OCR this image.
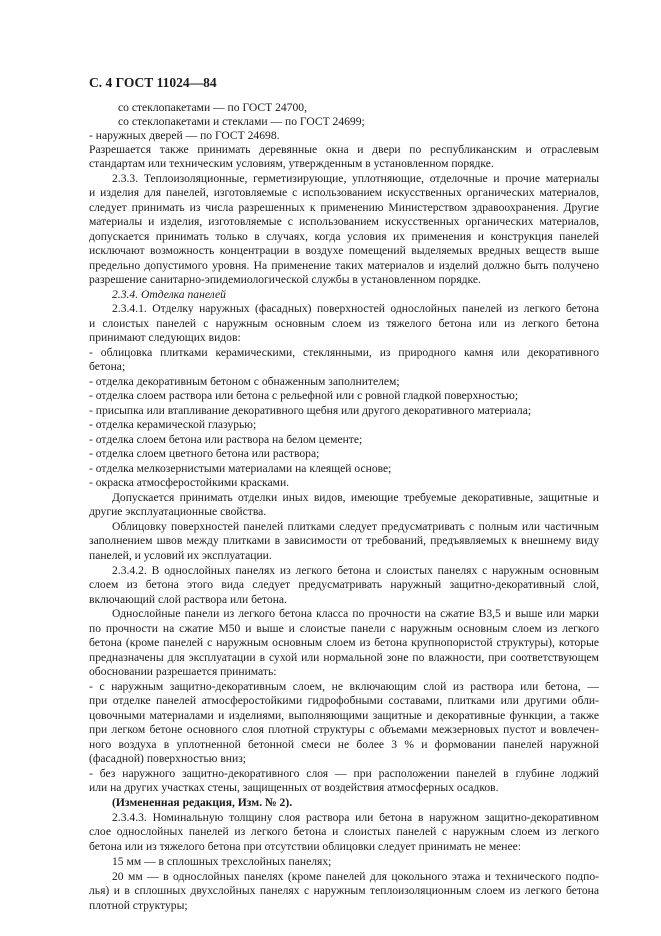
С. 4 ГОСТ 11024—84
со стеклопакетами — по ГОСТ 24700,
со стеклопакетами и стеклами — по ГОСТ 24699;
- наружных дверей — по ГОСТ 24698.
Разрешается также принимать деревянные окна и двери по республиканским и отраслевым
стандартам или техническим условиям, утвержденным в установленном порядке.
2.3.3. Теплоизоляционные, герметизирующие, уплотняющие, отделочные и прочие материалы
и изделия для панелей, изготовляемые с использованием искусственных органических материалов,
следует принимать из числа разрешенных к применению Министерством здравоохранения. Другие
материалы и изделия, изготовляемые с использованием искусственных органических материалов,
допускается принимать только в случаях, когда условия их применения и конструкция панелей
исключают возможность концентрации в воздухе помещений выделяемых вредных веществ выше
предельно допустимого уровня. На применение таких материалов и изделий должно быть получено
разрешение санитарно-эпидемиологической службы в установленном порядке.
2.3.4. Отделка панелей
2.3.4.1. Отделку наружных (фасадных) поверхностей однослойных панелей из легкого бетона
и слоистых панелей с наружным основным слоем из тяжелого бетона или из легкого бетона
принимают следующих видов:
- облицовка плитками керамическими, стеклянными, из природного камня или декоративного
бетона;
- отделка декоративным бетоном с обнаженным заполнителем;
- отделка слоем раствора или бетона с рельефной или с ровной гладкой поверхностью;
- присыпка или втапливание декоративного щебня или другого декоративного материала;
- отделка керамической глазурью;
- отделка слоем бетона или раствора на белом цементе;
- отделка слоем цветного бетона или раствора;
- отделка мелкозернистыми материалами на клеящей основе;
- окраска атмосферостойкими красками.
Допускается принимать отделки иных видов, имеющие требуемые декоративные, защитные и
другие эксплуатационные свойства.
Облицовку поверхностей панелей плитками следует предусматривать с полным или частичным
заполнением швов между плитками в зависимости от требований, предъявляемых к внешнему виду
панелей, и условий их эксплуатации.
2.3.4.2. В однослойных панелях из легкого бетона и слоистых панелях с наружным основным
слоем из бетона этого вида следует предусматривать наружный защитно-декоративный слой,
включающий слой раствора или бетона.
Однослойные панели из легкого бетона класса по прочности на сжатие В3,5 и выше или марки
по прочности на сжатие М50 и выше и слоистые панели с наружным основным слоем из легкого
бетона (кроме панелей с наружным основным слоем из бетона крупнопористой структуры), которые
предназначены для эксплуатации в сухой или нормальной зоне по влажности, при соответствующем
обосновании разрешается принимать:
- с наружным защитно-декоративным слоем, не включающим слой из раствора или бетона, —
при отделке панелей атмосферостойкими гидрофобными составами, плитками или другими обли-
цовочными материалами и изделиями, выполняющими защитные и декоративные функции, а также
при легком бетоне основного слоя плотной структуры с объемами межзерновых пустот и вовлечен-
ного воздуха в уплотненной бетонной смеси не более 3 % и формовании панелей наружной
(фасадной) поверхностью вниз;
- без наружного защитно-декоративного слоя — при расположении панелей в глубине лоджий
или на других участках стены, защищенных от воздействия атмосферных осадков.
(Измененная редакция, Изм. № 2).
2.3.4.3. Номинальную толщину слоя раствора или бетона в наружном защитно-декоративном
слое однослойных панелей из легкого бетона и слоистых панелей с наружным слоем из легкого
бетона или из тяжелого бетона при отсутствии облицовки следует принимать не менее:
15 мм — в сплошных трехслойных панелях;
20 мм — в однослойных панелях (кроме панелей для цокольного этажа и технического подпо-
лья) и в сплошных двухслойных панелях с наружным теплоизоляционным слоем из легкого бетона
плотной структуры;
